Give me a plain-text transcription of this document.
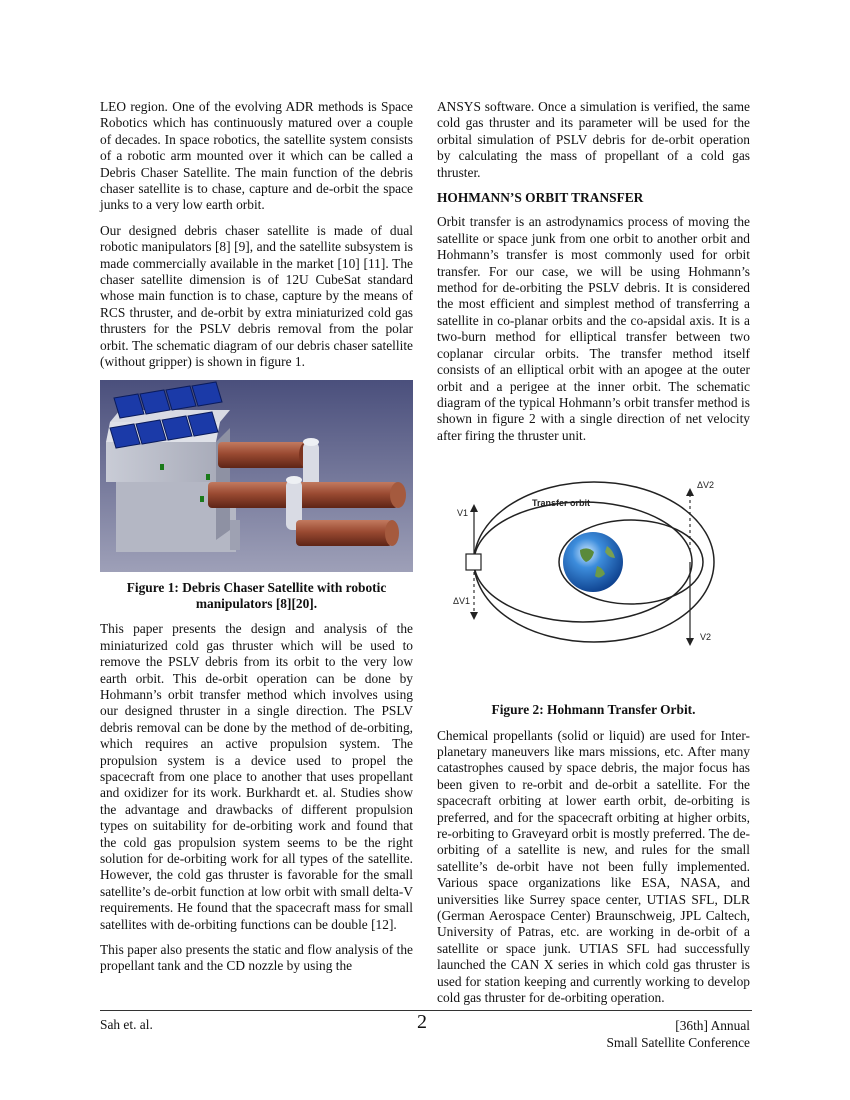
LEO region. One of the evolving ADR methods is Space Robotics which has continuously matured over a couple of decades. In space robotics, the satellite system consists of a robotic arm mounted over it which can be called a Debris Chaser Satellite. The main function of the debris chaser satellite is to chase, capture and de-orbit the space junks to a very low earth orbit.

Our designed debris chaser satellite is made of dual robotic manipulators [8] [9], and the satellite subsystem is made commercially available in the market [10] [11]. The chaser satellite dimension is of 12U CubeSat standard whose main function is to chase, capture by the means of RCS thruster, and de-orbit by extra miniaturized cold gas thrusters for the PSLV debris removal from the polar orbit. The schematic diagram of our debris chaser satellite (without gripper) is shown in figure 1.

Figure 1: Debris Chaser Satellite with robotic manipulators [8][20].

This paper presents the design and analysis of the miniaturized cold gas thruster which will be used to remove the PSLV debris from its orbit to the very low earth orbit. This de-orbit operation can be done by Hohmann’s orbit transfer method which involves using our designed thruster in a single direction. The PSLV debris removal can be done by the method of de-orbiting, which requires an active propulsion system. The propulsion system is a device used to propel the spacecraft from one place to another that uses propellant and oxidizer for its work. Burkhardt et. al. Studies show the advantage and drawbacks of different propulsion types on suitability for de-orbiting work and found that the cold gas propulsion system seems to be the right solution for de-orbiting work for all types of the satellite. However, the cold gas thruster is favorable for the small satellite’s de-orbit function at low orbit with small delta-V requirements. He found that the spacecraft mass for small satellites with de-orbiting functions can be double [12].

This paper also presents the static and flow analysis of the propellant tank and the CD nozzle by using the

ANSYS software. Once a simulation is verified, the same cold gas thruster and its parameter will be used for the orbital simulation of PSLV debris for de-orbit operation by calculating the mass of propellant of a cold gas thruster.

HOHMANN’S ORBIT TRANSFER

Orbit transfer is an astrodynamics process of moving the satellite or space junk from one orbit to another orbit and Hohmann’s transfer is most commonly used for orbit transfer. For our case, we will be using Hohmann’s method for de-orbiting the PSLV debris. It is considered the most efficient and simplest method of transferring a satellite in co-planar orbits and the co-apsidal axis. It is a two-burn method for elliptical transfer between two coplanar circular orbits. The transfer method itself consists of an elliptical orbit with an apogee at the outer orbit and a perigee at the inner orbit. The schematic diagram of the typical Hohmann’s orbit transfer method is shown in figure 2 with a single direction of net velocity after firing the thruster unit.

V1
ΔV1
ΔV2
V2
Transfer orbit
Figure 2: Hohmann Transfer Orbit.

Chemical propellants (solid or liquid) are used for Inter-planetary maneuvers like mars missions, etc. After many catastrophes caused by space debris, the major focus has been given to re-orbit and de-orbit a satellite. For the spacecraft orbiting at lower earth orbit, de-orbiting is preferred, and for the spacecraft orbiting at higher orbits, re-orbiting to Graveyard orbit is mostly preferred. The de-orbiting of a satellite is new, and rules for the small satellite’s de-orbit have not been fully implemented. Various space organizations like ESA, NASA, and universities like Surrey space center, UTIAS SFL, DLR (German Aerospace Center) Braunschweig, JPL Caltech, University of Patras, etc. are working in de-orbit of a satellite or space junk. UTIAS SFL had successfully launched the CAN X series in which cold gas thruster is used for station keeping and currently working to develop cold gas thruster for de-orbiting operation.

Sah et. al.	2	[36th] Annual
Small Satellite Conference
